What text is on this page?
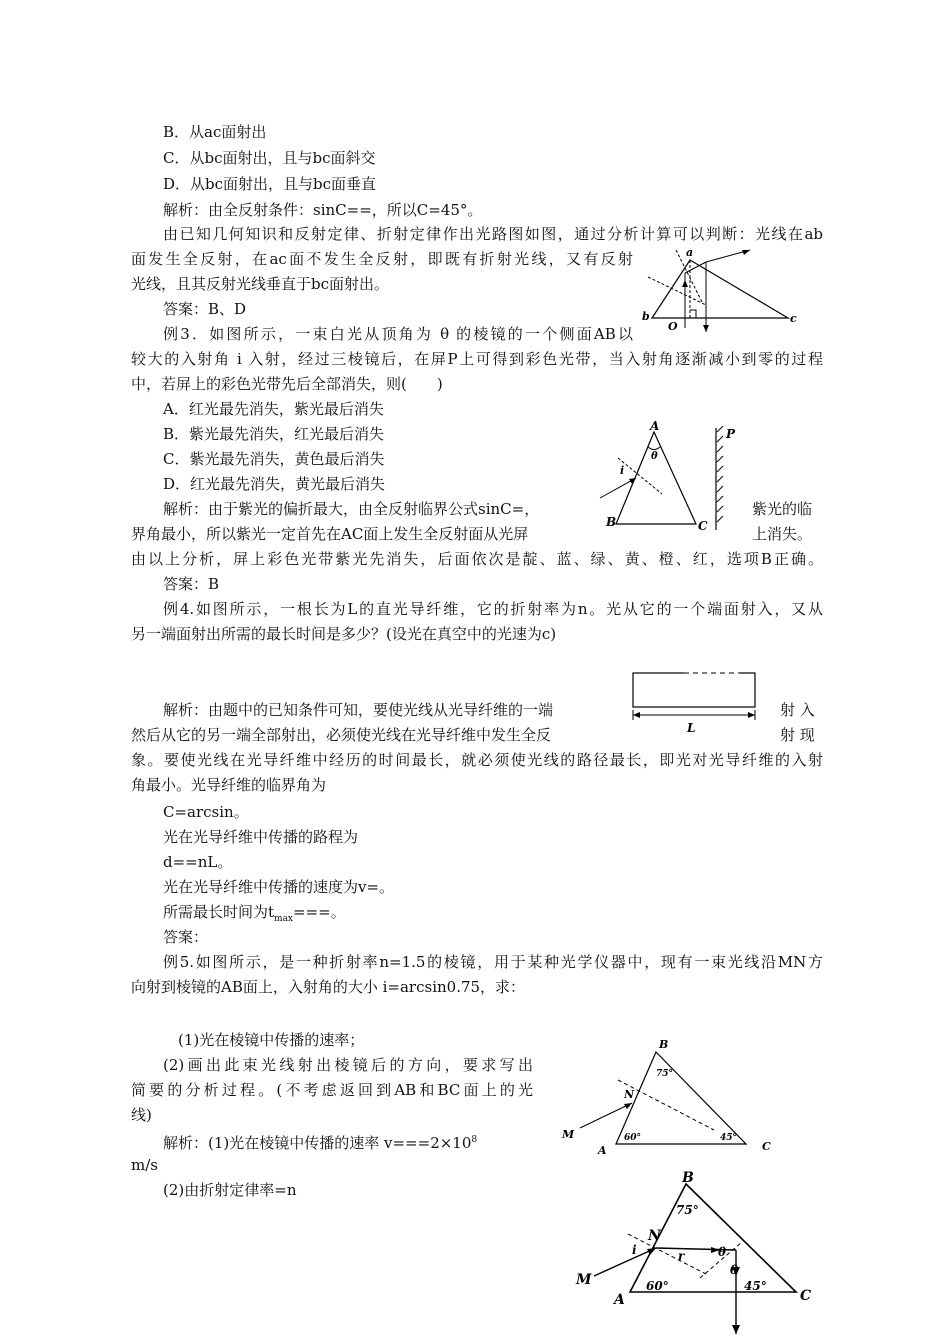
B．从ac面射出
C．从bc面射出，且与bc面斜交
D．从bc面射出，且与bc面垂直
解析：由全反射条件：sinC==，所以C=45°。
由已知几何知识和反射定律、折射定律作出光路图如图，通过分析计算可以判断：光线在ab
面发生全反射，在ac面不发生全反射，即既有折射光线，又有反射
光线，且其反射光线垂直于bc面射出。
答案：B、D
例3．如图所示，一束白光从顶角为 θ 的棱镜的一个侧面AB以
较大的入射角 i 入射，经过三棱镜后，在屏P上可得到彩色光带，当入射角逐渐减小到零的过程
中，若屏上的彩色光带先后全部消失，则(　　)
A．红光最先消失，紫光最后消失
B．紫光最先消失，红光最后消失
C．紫光最先消失，黄色最后消失
D．红光最先消失，黄光最后消失
解析：由于紫光的偏折最大，由全反射临界公式sinC=，	紫光的临
界角最小，所以紫光一定首先在AC面上发生全反射面从光屏	上消失。
由以上分析，屏上彩色光带紫光先消失，后面依次是靛、蓝、绿、黄、橙、红，选项B正确。
答案：B
例4.如图所示，一根长为L的直光导纤维，它的折射率为n。光从它的一个端面射入，又从
另一端面射出所需的最长时间是多少？(设光在真空中的光速为c)
解析：由题中的已知条件可知，要使光线从光导纤维的一端	射 入
然后从它的另一端全部射出，必须使光线在光导纤维中发生全反	射 现
象。要使光线在光导纤维中经历的时间最长，就必须使光线的路径最长，即光对光导纤维的入射
角最小。光导纤维的临界角为
C=arcsin。
光在光导纤维中传播的路程为
d==nL。
光在光导纤维中传播的速度为v=。
所需最长时间为$t_{max}===$。
答案：
例5.如图所示，是一种折射率n=1.5的棱镜，用于某种光学仪器中，现有一束光线沿MN方
向射到棱镜的AB面上，入射角的大小 i=arcsin0.75，求：
(1)光在棱镜中传播的速率；
(2)画出此束光线射出棱镜后的方向，要求写出
简要的分析过程。(不考虑返回到AB和BC面上的光
线)
解析：(1)光在棱镜中传播的速率 $v===2\times 10^8$
m/s
(2)由折射定律率=n
a
b	c
O
A
θ
i
B	C
P
L
B
75°
N
M
A
60°	45°
C
B
75°
N
i	r	θ
θ
M
A
60°	45°
C
